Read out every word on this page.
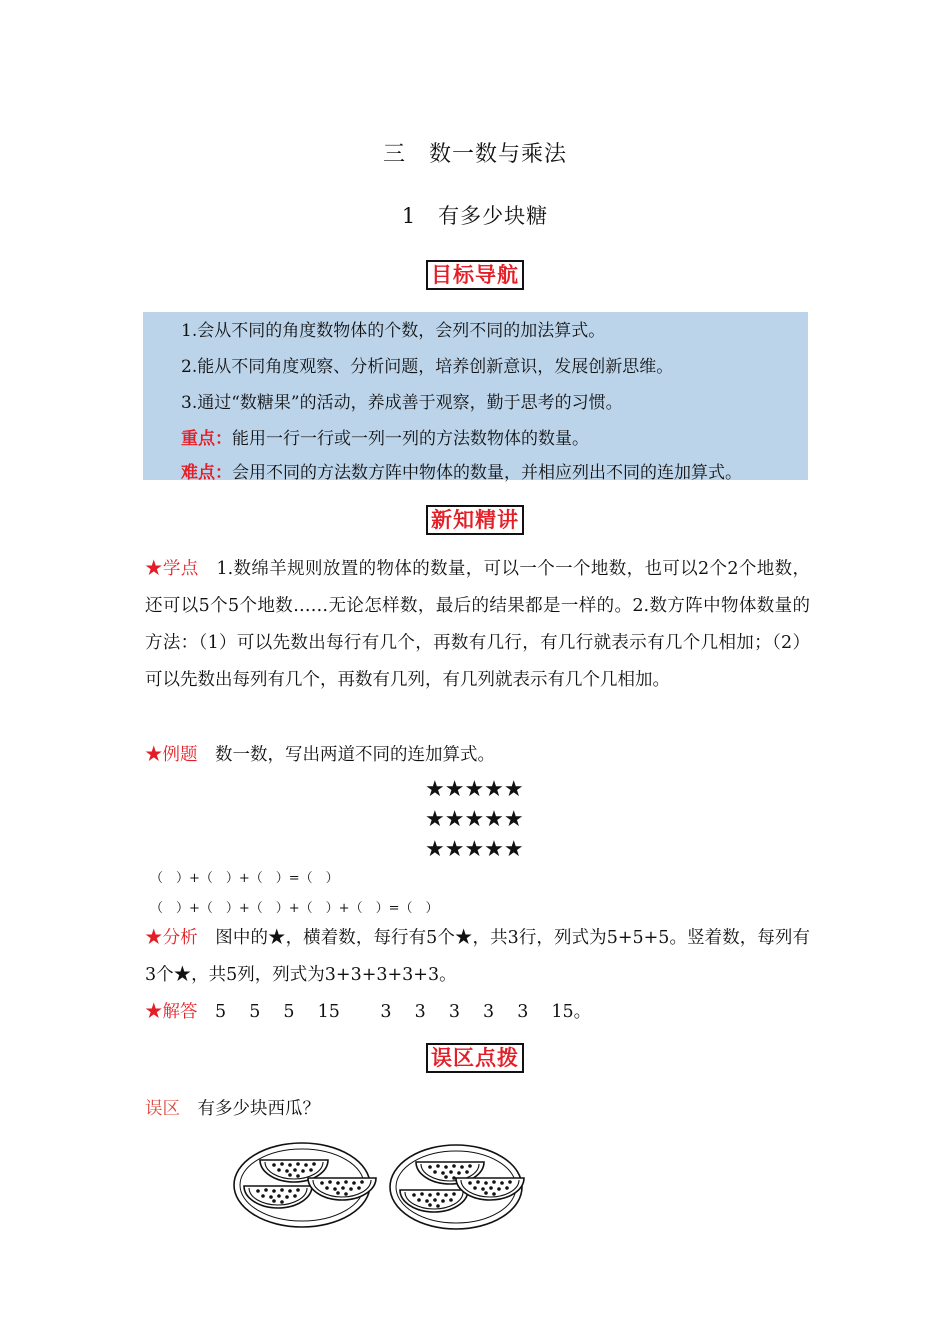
三　数一数与乘法
1　有多少块糖
目标导航
1.会从不同的角度数物体的个数，会列不同的加法算式。
2.能从不同角度观察、分析问题，培养创新意识，发展创新思维。
3.通过“数糖果”的活动，养成善于观察，勤于思考的习惯。
重点：能用一行一行或一列一列的方法数物体的数量。
难点：会用不同的方法数方阵中物体的数量，并相应列出不同的连加算式。
新知精讲
★学点　 1.数绵羊规则放置的物体的数量，可以一个一个地数，也可以2个2个地数，还可以5个5个地数……无论怎样数，最后的结果都是一样的。2.数方阵中物体数量的方法：（1）可以先数出每行有几个，再数有几行，有几行就表示有几个几相加；（2）可以先数出每列有几个，再数有几列，有几列就表示有几个几相加。
★例题　 数一数，写出两道不同的连加算式。
★★★★★
★★★★★
★★★★★
（　）+（　）+（　）=（　）
（　）+（　）+（　）+（　）+（　）=（　）
★分析　 图中的★，横着数，每行有5个★，共3行，列式为5+5+5。竖着数，每列有3个★，共5列，列式为3+3+3+3+3。
★解答　 5　 5　 5　 15　　 3　 3　 3　 3　 3　 15。
误区点拨
误区　 有多少块西瓜？
